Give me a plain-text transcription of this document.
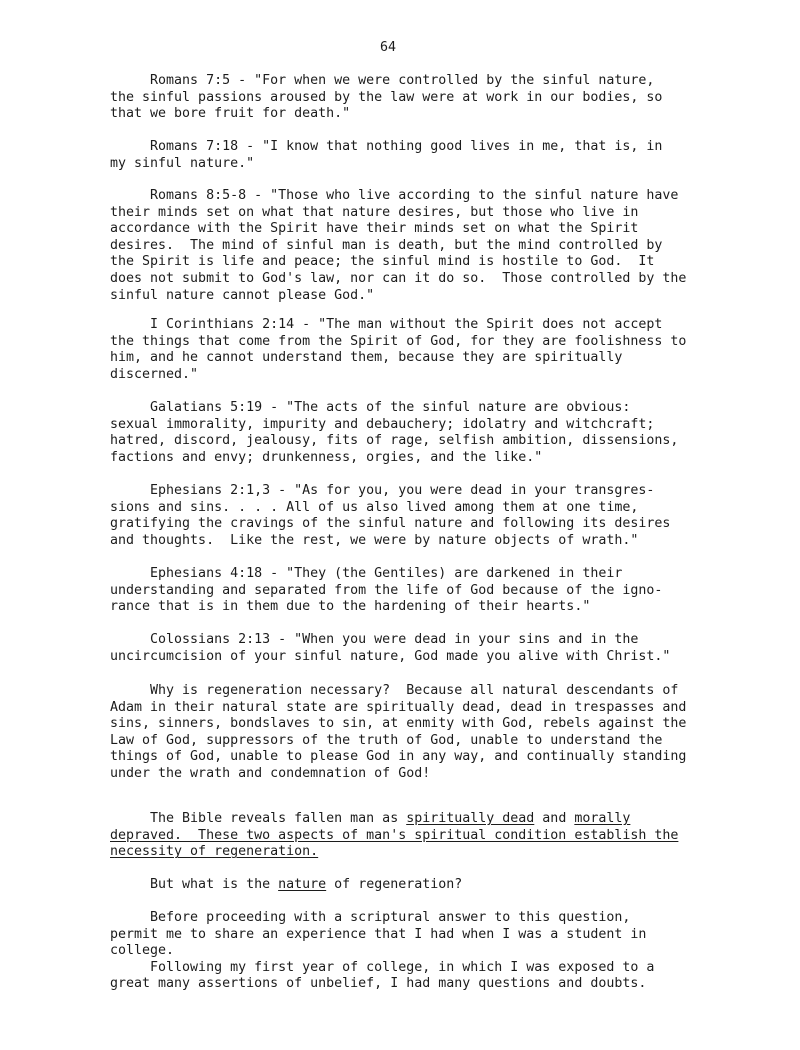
64

Romans 7:5 - "For when we were controlled by the sinful nature,
the sinful passions aroused by the law were at work in our bodies, so
that we bore fruit for death."

Romans 7:18 - "I know that nothing good lives in me, that is, in
my sinful nature."

Romans 8:5-8 - "Those who live according to the sinful nature have
their minds set on what that nature desires, but those who live in
accordance with the Spirit have their minds set on what the Spirit
desires.  The mind of sinful man is death, but the mind controlled by
the Spirit is life and peace; the sinful mind is hostile to God.  It
does not submit to God's law, nor can it do so.  Those controlled by the
sinful nature cannot please God."

I Corinthians 2:14 - "The man without the Spirit does not accept
the things that come from the Spirit of God, for they are foolishness to
him, and he cannot understand them, because they are spiritually
discerned."

Galatians 5:19 - "The acts of the sinful nature are obvious:
sexual immorality, impurity and debauchery; idolatry and witchcraft;
hatred, discord, jealousy, fits of rage, selfish ambition, dissensions,
factions and envy; drunkenness, orgies, and the like."

Ephesians 2:1,3 - "As for you, you were dead in your transgres-
sions and sins. . . . All of us also lived among them at one time,
gratifying the cravings of the sinful nature and following its desires
and thoughts.  Like the rest, we were by nature objects of wrath."

Ephesians 4:18 - "They (the Gentiles) are darkened in their
understanding and separated from the life of God because of the igno-
rance that is in them due to the hardening of their hearts."

Colossians 2:13 - "When you were dead in your sins and in the
uncircumcision of your sinful nature, God made you alive with Christ."

Why is regeneration necessary?  Because all natural descendants of
Adam in their natural state are spiritually dead, dead in trespasses and
sins, sinners, bondslaves to sin, at enmity with God, rebels against the
Law of God, suppressors of the truth of God, unable to understand the
things of God, unable to please God in any way, and continually standing
under the wrath and condemnation of God!

The Bible reveals fallen man as spiritually dead and morally
depraved.  These two aspects of man's spiritual condition establish the
necessity of regeneration.

But what is the nature of regeneration?

Before proceeding with a scriptural answer to this question,
permit me to share an experience that I had when I was a student in
college.
Following my first year of college, in which I was exposed to a
great many assertions of unbelief, I had many questions and doubts.
